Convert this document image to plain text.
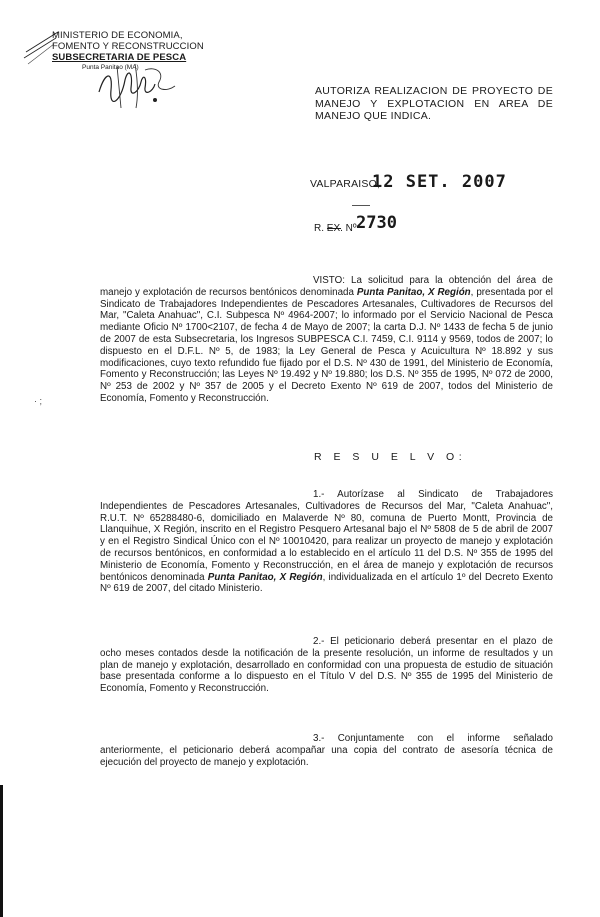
MINISTERIO DE ECONOMIA,
FOMENTO Y RECONSTRUCCION
SUBSECRETARIA DE PESCA
Punta Panitao (MA)
AUTORIZA REALIZACION DE PROYECTO DE MANEJO Y EXPLOTACION EN AREA DE MANEJO QUE INDICA.
VALPARAISO,
12 SET. 2007
R. EX. Nº 2730

VISTO: La solicitud para la obtención del área de manejo y explotación de recursos bentónicos denominada Punta Panitao, X Región, presentada por el Sindicato de Trabajadores Independientes de Pescadores Artesanales, Cultivadores de Recursos del Mar, "Caleta Anahuac", C.I. Subpesca Nº 4964-2007; lo informado por el Servicio Nacional de Pesca mediante Oficio Nº 1700<2107, de fecha 4 de Mayo de 2007; la carta D.J. Nº 1433 de fecha 5 de junio de 2007 de esta Subsecretaria, los Ingresos SUBPESCA C.I. 7459, C.I. 9114 y 9569, todos de 2007; lo dispuesto en el D.F.L. Nº 5, de 1983; la Ley General de Pesca y Acuicultura Nº 18.892 y sus modificaciones, cuyo texto refundido fue fijado por el D.S. Nº 430 de 1991, del Ministerio de Economía, Fomento y Reconstrucción; las Leyes Nº 19.492 y Nº 19.880; los D.S. Nº 355 de 1995, Nº 072 de 2000, Nº 253 de 2002 y Nº 357 de 2005 y el Decreto Exento Nº 619 de 2007, todos del Ministerio de Economía, Fomento y Reconstrucción.

· ;
R E S U E L V O:

1.- Autorízase al Sindicato de Trabajadores Independientes de Pescadores Artesanales, Cultivadores de Recursos del Mar, "Caleta Anahuac", R.U.T. Nº 65288480-6, domiciliado en Malaverde Nº 80, comuna de Puerto Montt, Provincia de Llanquihue, X Región, inscrito en el Registro Pesquero Artesanal bajo el Nº 5808 de 5 de abril de 2007 y en el Registro Sindical Único con el Nº 10010420, para realizar un proyecto de manejo y explotación de recursos bentónicos, en conformidad a lo establecido en el artículo 11 del D.S. Nº 355 de 1995 del Ministerio de Economía, Fomento y Reconstrucción, en el área de manejo y explotación de recursos bentónicos denominada Punta Panitao, X Región, individualizada en el artículo 1º del Decreto Exento Nº 619 de 2007, del citado Ministerio.

2.- El peticionario deberá presentar en el plazo de ocho meses contados desde la notificación de la presente resolución, un informe de resultados y un plan de manejo y explotación, desarrollado en conformidad con una propuesta de estudio de situación base presentada conforme a lo dispuesto en el Título V del D.S. Nº 355 de 1995 del Ministerio de Economía, Fomento y Reconstrucción.

3.- Conjuntamente con el informe señalado anteriormente, el peticionario deberá acompañar una copia del contrato de asesoría técnica de ejecución del proyecto de manejo y explotación.
